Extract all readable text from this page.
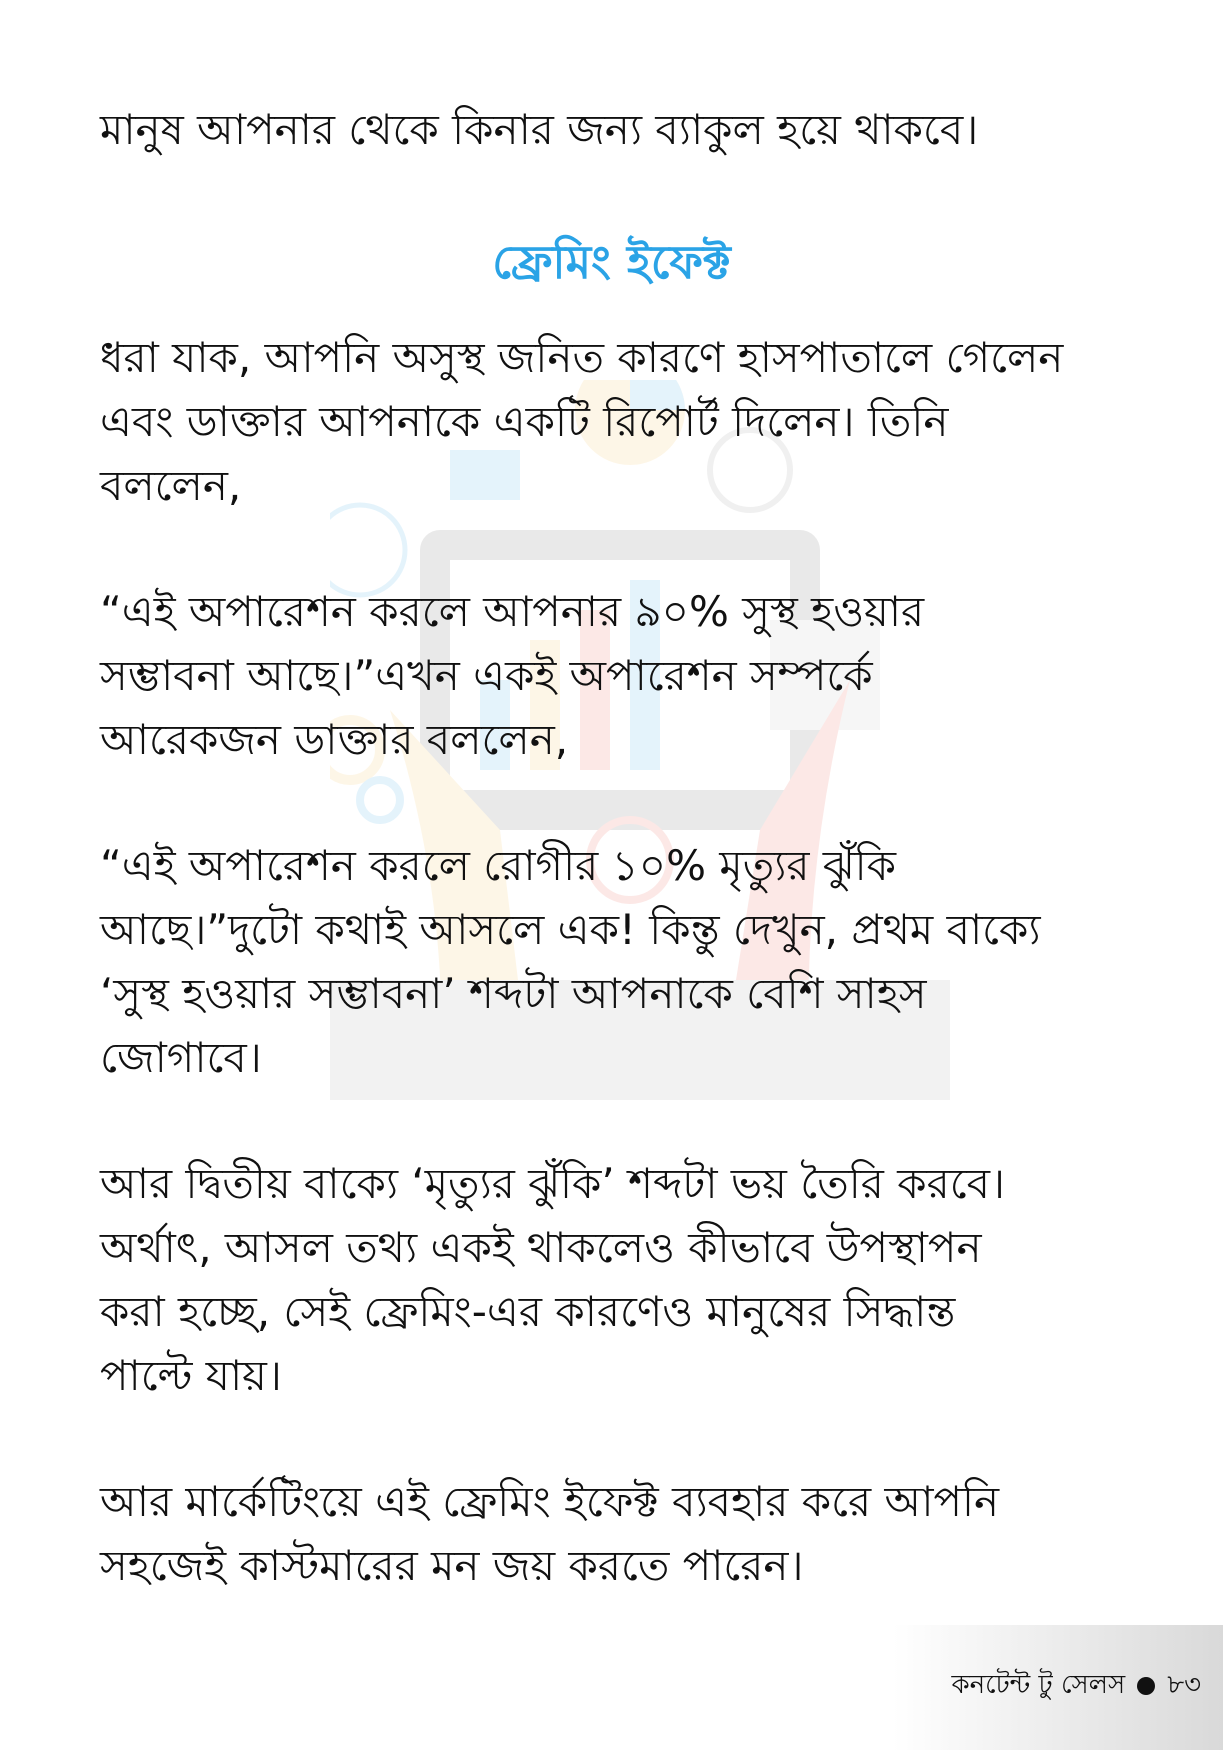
মানুষ আপনার থেকে কিনার জন্য ব্যাকুল হয়ে থাকবে।

ফ্রেমিং ইফেক্ট
ধরা যাক, আপনি অসুস্থ জনিত কারণে হাসপাতালে গেলেন
এবং ডাক্তার আপনাকে একটি রিপোর্ট দিলেন। তিনি
বললেন,
“এই অপারেশন করলে আপনার ৯০% সুস্থ হওয়ার
সম্ভাবনা আছে।”এখন একই অপারেশন সম্পর্কে
আরেকজন ডাক্তার বললেন,
“এই অপারেশন করলে রোগীর ১০% মৃত্যুর ঝুঁকি
আছে।”দুটো কথাই আসলে এক! কিন্তু দেখুন, প্রথম বাক্যে
‘সুস্থ হওয়ার সম্ভাবনা’ শব্দটা আপনাকে বেশি সাহস
জোগাবে।
আর দ্বিতীয় বাক্যে ‘মৃত্যুর ঝুঁকি’ শব্দটা ভয় তৈরি করবে।
অর্থাৎ, আসল তথ্য একই থাকলেও কীভাবে উপস্থাপন
করা হচ্ছে, সেই ফ্রেমিং-এর কারণেও মানুষের সিদ্ধান্ত
পাল্টে যায়।
আর মার্কেটিংয়ে এই ফ্রেমিং ইফেক্ট ব্যবহার করে আপনি
সহজেই কাস্টমারের মন জয় করতে পারেন।
কনটেন্ট টু সেলস ৮৩
